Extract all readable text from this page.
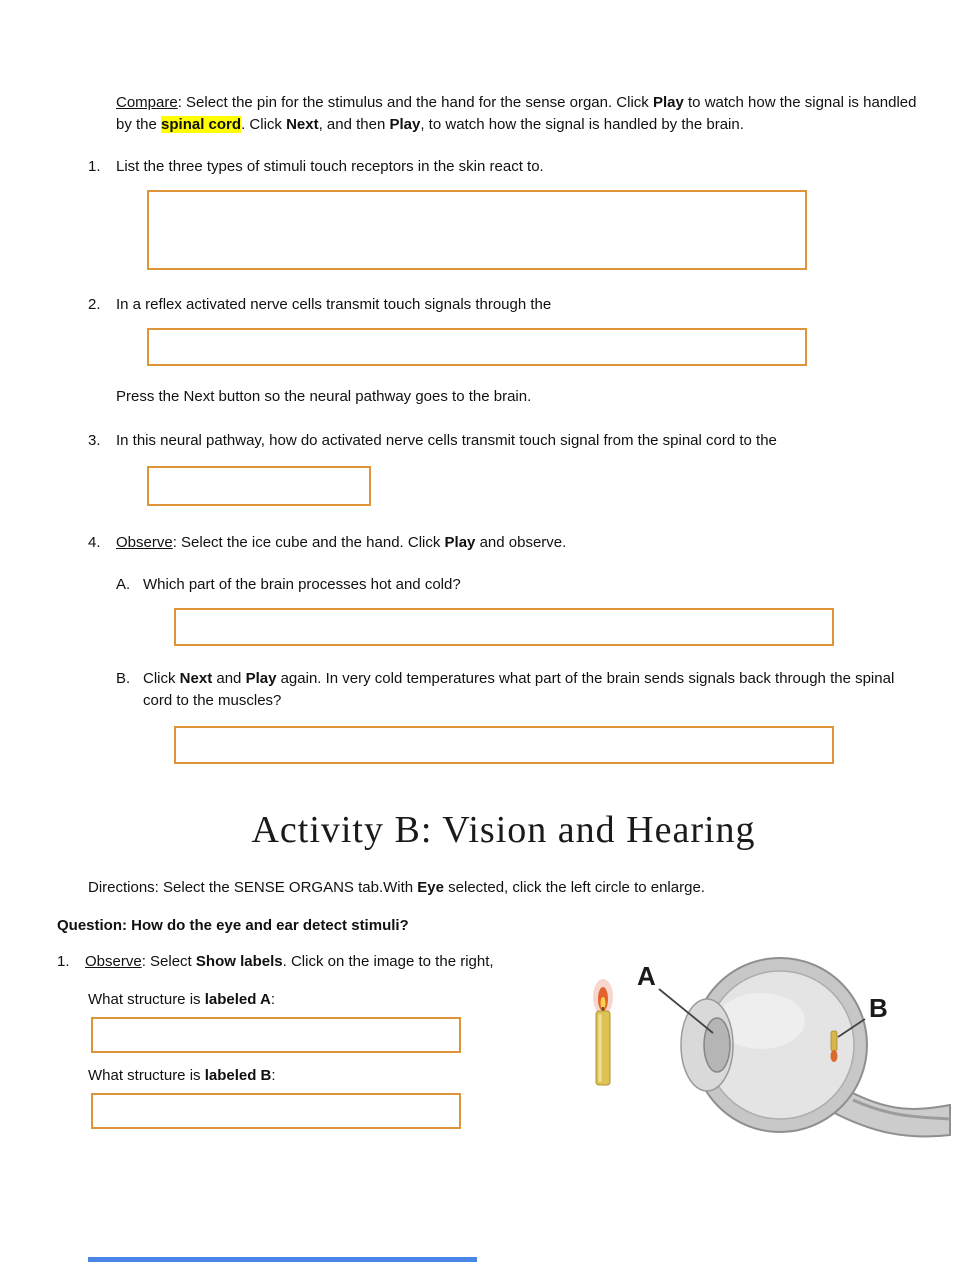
Compare: Select the pin for the stimulus and the hand for the sense organ. Click Play to watch how the signal is handled by the spinal cord. Click Next, and then Play, to watch how the signal is handled by the brain.

1.	List the three types of stimuli touch receptors in the skin react to.

2.	In a reflex activated nerve cells transmit touch signals through the

Press the Next button so the neural pathway goes to the brain.

3.	In this neural pathway, how do activated nerve cells transmit touch signal from the spinal cord to the

4.	Observe: Select the ice cube and the hand. Click Play and observe.

A. Which part of the brain processes hot and cold?

B. Click Next and Play again. In very cold temperatures what part of the brain sends signals back through the spinal cord to the muscles?

Activity B: Vision and Hearing

Directions: Select the SENSE ORGANS tab.With Eye selected, click the left circle to enlarge.

Question: How do the eye and ear detect stimuli?

1.	Observe: Select Show labels. Click on the image to the right,

What structure is labeled A:

What structure is labeled B:

A
B
